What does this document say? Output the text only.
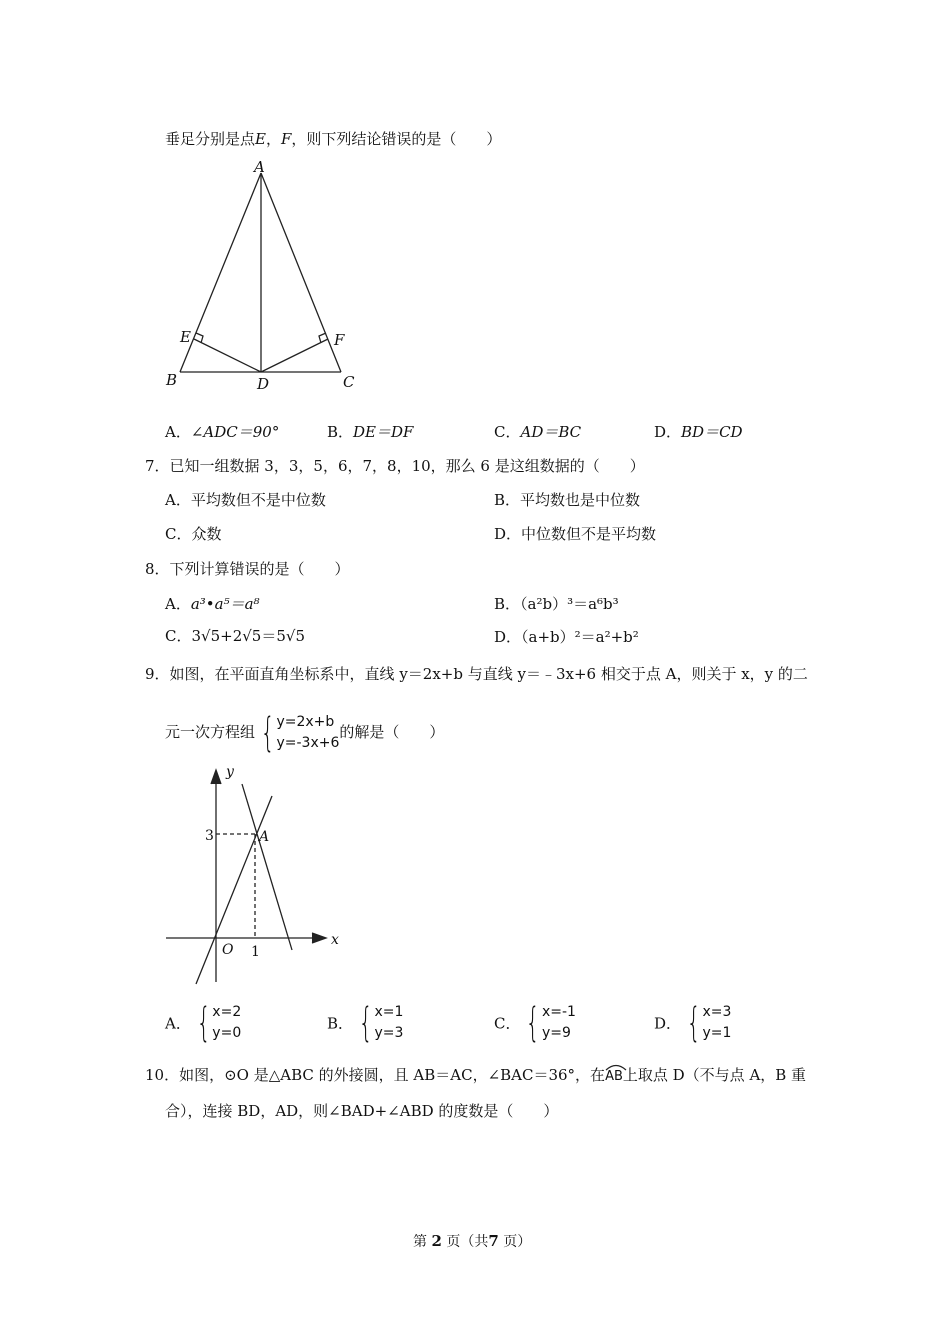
垂足分别是点E，F，则下列结论错误的是（　　）
A
E	F
B	D	C
A．∠ADC＝90°	B．DE＝DF	C．AD＝BC	D．BD＝CD
7．已知一组数据 3，3，5，6，7，8，10，那么 6 是这组数据的（　　）
A．平均数但不是中位数	B．平均数也是中位数
C．众数	D．中位数但不是平均数
8．下列计算错误的是（　　）
A．a³•a⁵＝a⁸	B．（a²b）³＝a⁶b³
C．3√5+2√5＝5√5	D．（a+b）²＝a²+b²
9．如图，在平面直角坐标系中，直线 y＝2x+b 与直线 y＝﹣3x+6 相交于点 A，则关于 x，y 的二
元一次方程组 { y=2x+b
y=-3x+6
的解是（　　）
y
x
O
3
1
A
A． { x=2
y=0
B． { x=1
y=3
C． { x=-1
y=9
D． { x=3
y=1
10．如图，⊙O 是△ABC 的外接圆，且 AB＝AC，∠BAC＝36°，在
AB上取点 D（不与点 A，B 重
合），连接 BD，AD，则∠BAD+∠ABD 的度数是（　　）
第 2 页（共7 页）
